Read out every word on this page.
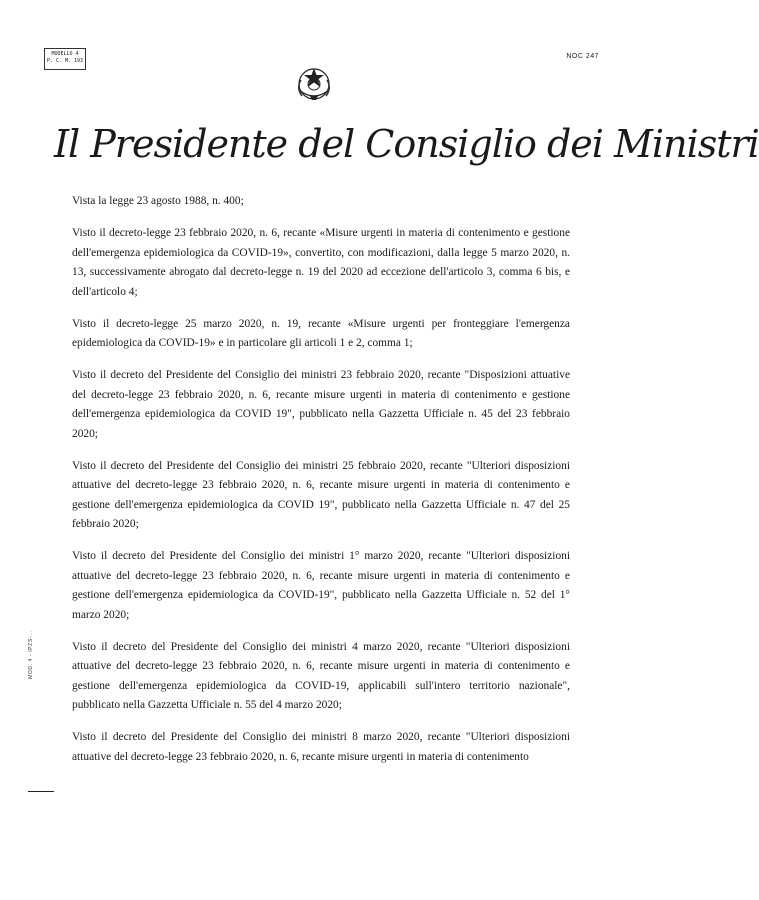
MODELLO 4
P. C. M. 193
NOC 247
Il Presidente del Consiglio dei Ministri

Vista la legge 23 agosto 1988, n. 400;

Visto il decreto-legge 23 febbraio 2020, n. 6, recante «Misure urgenti in materia di contenimento e gestione dell'emergenza epidemiologica da COVID-19», convertito, con modificazioni, dalla legge 5 marzo 2020, n. 13, successivamente abrogato dal decreto-legge n. 19 del 2020 ad eccezione dell'articolo 3, comma 6 bis, e dell'articolo 4;

Visto il decreto-legge 25 marzo 2020, n. 19, recante «Misure urgenti per fronteggiare l'emergenza epidemiologica da COVID-19» e in particolare gli articoli 1 e 2, comma 1;

Visto il decreto del Presidente del Consiglio dei ministri 23 febbraio 2020, recante "Disposizioni attuative del decreto-legge 23 febbraio 2020, n. 6, recante misure urgenti in materia di contenimento e gestione dell'emergenza epidemiologica da COVID 19", pubblicato nella Gazzetta Ufficiale n. 45 del 23 febbraio 2020;

Visto il decreto del Presidente del Consiglio dei ministri 25 febbraio 2020, recante "Ulteriori disposizioni attuative del decreto-legge 23 febbraio 2020, n. 6, recante misure urgenti in materia di contenimento e gestione dell'emergenza epidemiologica da COVID 19", pubblicato nella Gazzetta Ufficiale n. 47 del 25 febbraio 2020;

Visto il decreto del Presidente del Consiglio dei ministri 1° marzo 2020, recante "Ulteriori disposizioni attuative del decreto-legge 23 febbraio 2020, n. 6, recante misure urgenti in materia di contenimento e gestione dell'emergenza epidemiologica da COVID-19", pubblicato nella Gazzetta Ufficiale n. 52 del 1° marzo 2020;

Visto il decreto del Presidente del Consiglio dei ministri 4 marzo 2020, recante "Ulteriori disposizioni attuative del decreto-legge 23 febbraio 2020, n. 6, recante misure urgenti in materia di contenimento e gestione dell'emergenza epidemiologica da COVID-19, applicabili sull'intero territorio nazionale", pubblicato nella Gazzetta Ufficiale n. 55 del 4 marzo 2020;

Visto il decreto del Presidente del Consiglio dei ministri 8 marzo 2020, recante "Ulteriori disposizioni attuative del decreto-legge 23 febbraio 2020, n. 6, recante misure urgenti in materia di contenimento

MOD. 4 - IPZS-...
